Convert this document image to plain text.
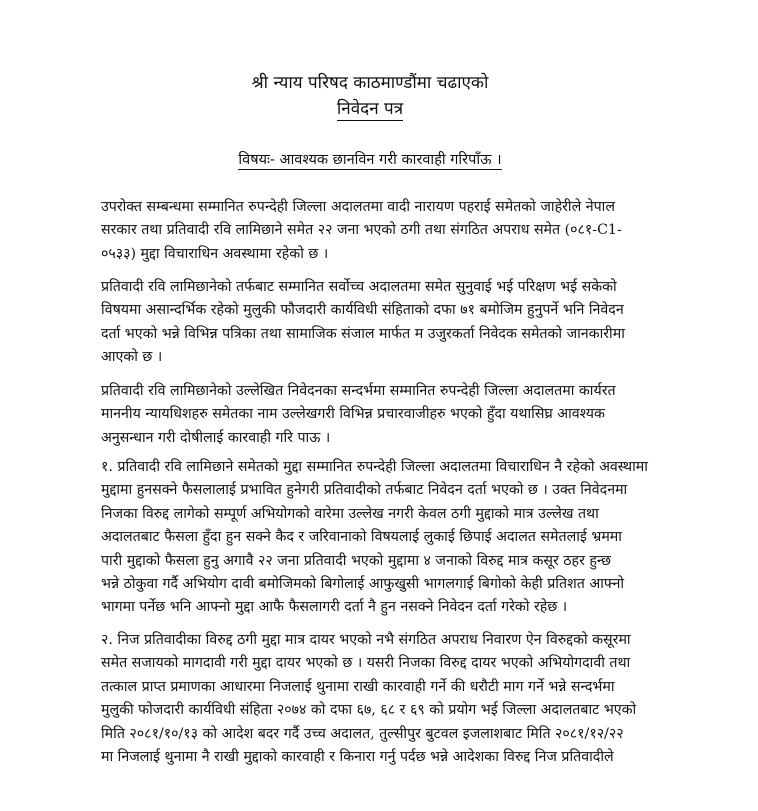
श्री न्याय परिषद काठमाण्डौंमा चढाएको
निवेदन पत्र
विषयः- आवश्यक छानविन गरी कारवाही गरिपाँऊ ।
उपरोक्त सम्बन्धमा सम्मानित रुपन्देही जिल्ला अदालतमा वादी नारायण पहराई समेतको जाहेरीले नेपाल
सरकार तथा प्रतिवादी रवि लामिछाने समेत २२ जना भएको ठगी तथा संगठित अपराध समेत (०८१-C1-
०५३३) मुद्दा विचाराधिन अवस्थामा रहेको छ ।
प्रतिवादी रवि लामिछानेको तर्फबाट सम्मानित सर्वोच्च अदालतमा समेत सुनुवाई भई परिक्षण भई सकेको
विषयमा असान्दर्भिक रहेको मुलुकी फौजदारी कार्यविधी संहिताको दफा ७१ बमोजिम हुनुपर्ने भनि निवेदन
दर्ता भएको भन्ने विभिन्न पत्रिका तथा सामाजिक संजाल मार्फत म उजुरकर्ता निवेदक समेतको जानकारीमा
आएको छ ।
प्रतिवादी रवि लामिछानेको उल्लेखित निवेदनका सन्दर्भमा सम्मानित रुपन्देही जिल्ला अदालतमा कार्यरत
माननीय न्यायधिशहरु समेतका नाम उल्लेखगरी विभिन्न प्रचारवाजीहरु भएको हुँदा यथासिघ्र आवश्यक
अनुसन्धान गरी दोषीलाई कारवाही गरि पाऊ ।
१. प्रतिवादी रवि लामिछाने समेतको मुद्दा सम्मानित रुपन्देही जिल्ला अदालतमा विचाराधिन नै रहेको अवस्थामा
मुद्दामा हुनसक्ने फैसलालाई प्रभावित हुनेगरी प्रतिवादीको तर्फबाट निवेदन दर्ता भएको छ । उक्त निवेदनमा
निजका विरुद्द लागेको सम्पूर्ण अभियोगको वारेमा उल्लेख नगरी केवल ठगी मुद्दाको मात्र उल्लेख तथा
अदालतबाट फैसला हुँदा हुन सक्ने कैद र जरिवानाको विषयलाई लुकाई छिपाई अदालत समेतलाई भ्रममा
पारी मुद्दाको फैसला हुनु अगावै २२ जना प्रतिवादी भएको मुद्दामा ४ जनाको विरुद्द मात्र कसूर ठहर हुन्छ
भन्ने ठोकुवा गर्दै अभियोग दावी बमोजिमको बिगोलाई आफुखुसी भागलगाई बिगोको केही प्रतिशत आफ्नो
भागमा पर्नेछ भनि आफ्नो मुद्दा आफै फैसलागरी दर्ता नै हुन नसक्ने निवेदन दर्ता गरेको रहेछ ।
२. निज प्रतिवादीका विरुद्द ठगी मुद्दा मात्र दायर भएको नभै संगठित अपराध निवारण ऐन विरुद्दको कसूरमा
समेत सजायको मागदावी गरी मुद्दा दायर भएको छ । यसरी निजका विरुद्द दायर भएको अभियोगदावी तथा
तत्काल प्राप्त प्रमाणका आधारमा निजलाई थुनामा राखी कारवाही गर्ने की धरौटी माग गर्ने भन्ने सन्दर्भमा
मुलुकी फोजदारी कार्यविधी संहिता २०७४ को दफा ६७, ६८ र ६९ को प्रयोग भई जिल्ला अदालतबाट भएको
मिति २०८१/१०/१३ को आदेश बदर गर्दै उच्च अदालत, तुल्सीपुर बुटवल इजलाशबाट मिति २०८१/१२/२२
मा निजलाई थुनामा नै राखी मुद्दाको कारवाही र किनारा गर्नु पर्दछ भन्ने आदेशका विरुद्द निज प्रतिवादीले
